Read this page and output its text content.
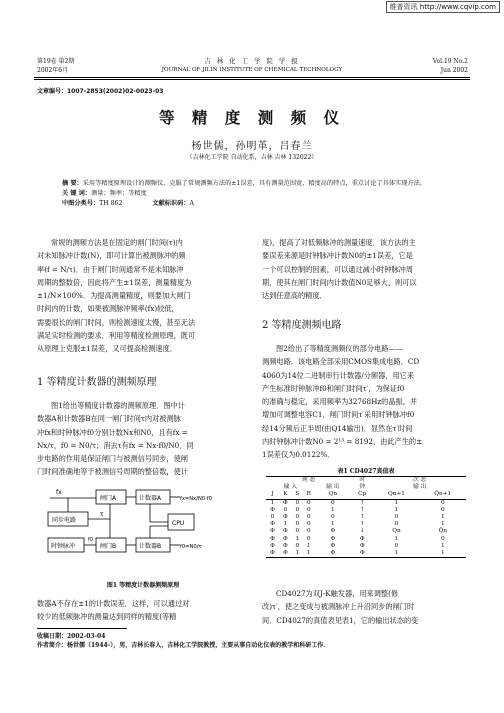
维普资讯 http://www.cqvip.com
第19卷 第2期
2002年6月
吉 林 化 工 学 院 学 报
JOURNAL OF JILIN INSTITUTE OF CHEMICAL TECHNOLOGY
Vol.19 No.2
Jun 2002
文章编号：1007-2853(2002)02-0023-03
等 精 度 测 频 仪
杨世儒，孙明革，吕春兰
（吉林化工学院 自动化系，吉林 吉林 132022）
摘 要：采用等精度原理设计的测频仪，克服了常规测频方法的±1误差，具有测量范围宽、精度高的特点，重点讨论了具体实现方法。
关 键 词：测量；频率；等精度
中图分类号：TH 862	文献标识码：A
常规的测频方法是在固定的闸门时间(τ)内
对未知脉冲计数(N)，即可计算出被测脉冲的频
率(f = N/τ)．由于闸门时间通常不是未知脉冲
周期的整数倍，因此将产生±1误差，测量精度为
±1/N×100%．为提高测量精度，则要加大闸门
时间内的计数，如果被测脉冲频率(fx)较低，
需要很长的闸门时间，则检测速度太慢，甚至无法
满足实时检测的要求．利用等精度检测原理，既可
从原理上克服±1误差，又可提高检测速度．
1 等精度计数器的测频原理
图1给出等精度计数器的测频原理．图中计
数器A和计数器B在同一闸门时间τ内对被测脉
冲fx和时钟脉冲f0分别计数Nx和N0，且有fx =
Nx/τ，f0 = N0/τ；消去τ有fx = Nx·f0/N0．同
步电路的作用是保证闸门与被测信号同步，使闸
门时间准确地等于被测信号周期的整倍数，使计
fx
闸门A	计数器A	fx=Nx/N0·f0
同步电路
τ
CPU
时钟脉冲
f0
闸门B	计数器B	f0=N0/τ
图1 等精度计数器测频原理
数器A不存在±1的计数误差．这样，可以通过对
较少的低频脉冲的测量达到同样的精度(等精
度)，提高了对低频脉冲的测量速度．该方法的主
要误差来源是时钟脉冲计数N0的±1误差，它是
一个可以控制的因素，可以通过减小时钟脉冲周
期，使其在闸门时间内计数值N0足够大，则可以
达到任意高的精度．
2 等精度测频电路
图2给出了等精度测频仪的部分电路——
测频电路．该电路全部采用CMOS集成电路．CD
4060为14位二进制串行计数器/分频器，用它来
产生标准时钟脉冲f0和闸门时间τ′，为保证f0
的准确与稳定，采用频率为32768Hz的晶振，并
增加可调整电容C1．闸门时间τ′采用时钟脉冲f0
经14分频后正半周(由Q14输出)．显然在τ′时间
内时钟脉冲计数N0 = 2¹³ = 8192，由此产生的±
1误差仅为0.0122%．
表1 CD4027真值表
现 态					时	次 态	
输 入				输 出	钟	输 出	
J	K	S	R	Qn	Cp	Qn+1	Q̄n+1
1	Φ	0	0	0	↑	1	0
Φ	0	0	0	1	↑	1	0
0	Φ	0	0	0	↑	0	1
Φ	1	0	0	1	↑	0	1
Φ	Φ	0	0	Φ	↓	Qn	Q̄n
Φ	Φ	1	0	Φ	Φ	1	0
Φ	Φ	0	1	Φ	Φ	0	1
Φ	Φ	1	1	Φ	Φ	1	1
CD4027为双J-K触发器，用来调整(修
改)τ′，使之变成与被测脉冲上升沿同步的闸门时
间．CD4027的真值表见表1，它的输出状态的变
收稿日期：2002-03-04
作者简介：杨世儒（1944-），男，吉林长春人，吉林化工学院教授，主要从事自动化仪表的教学和科研工作．
